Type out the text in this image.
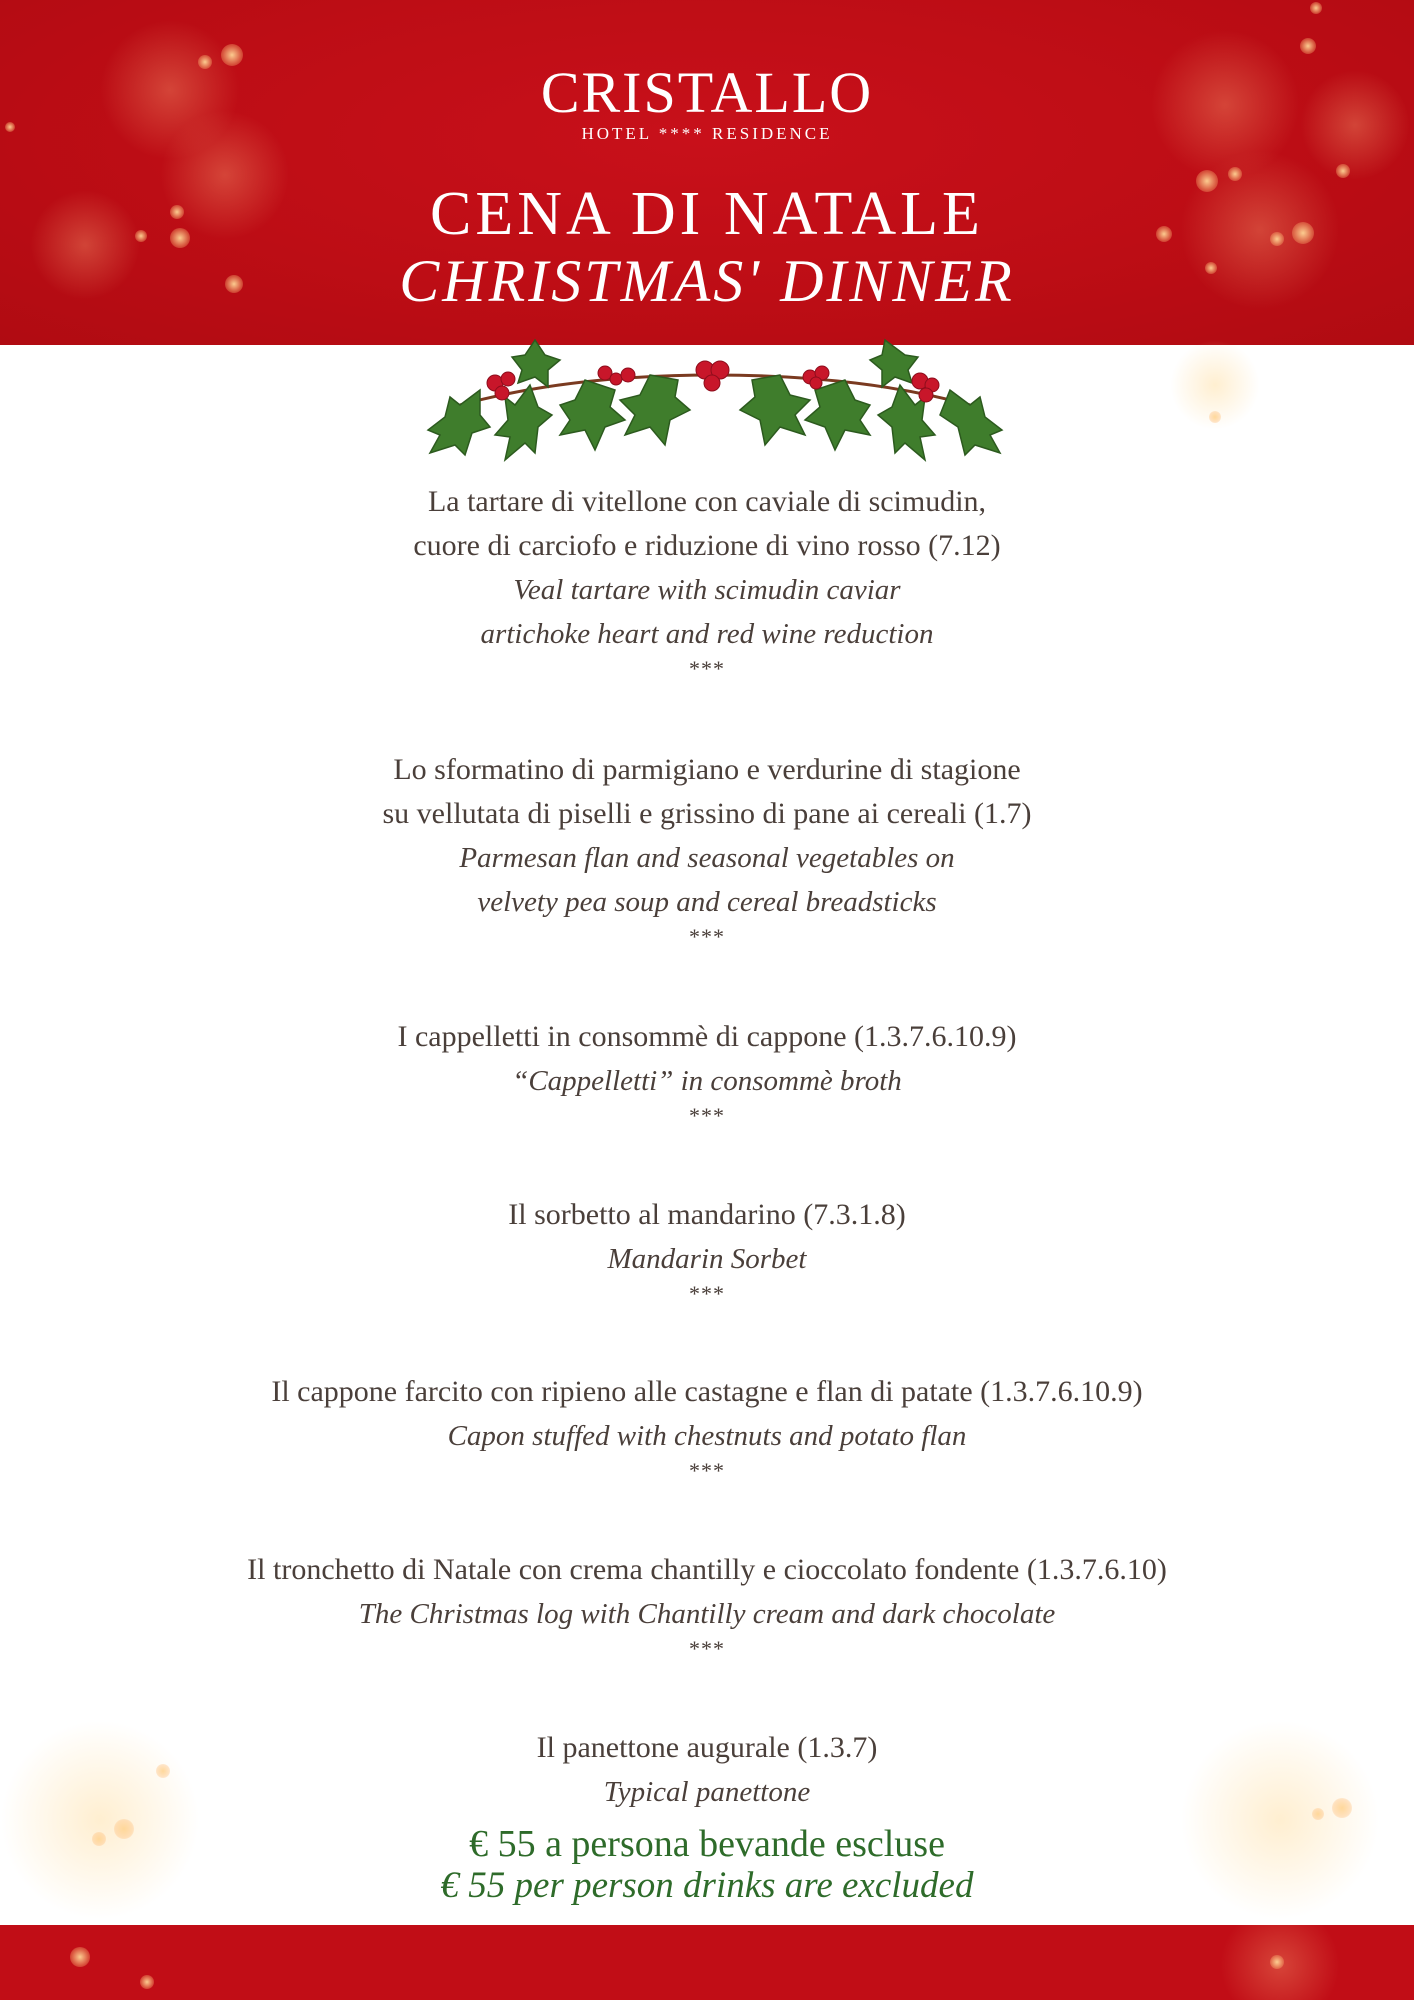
CRISTALLO
HOTEL **** RESIDENCE
CENA DI NATALE
CHRISTMAS' DINNER
La tartare di vitellone con caviale di scimudin,
cuore di carciofo e riduzione di vino rosso (7.12)
Veal tartare with scimudin caviar
artichoke heart and red wine reduction
***
Lo sformatino di parmigiano e verdurine di stagione
su vellutata di piselli e grissino di pane ai cereali (1.7)
Parmesan flan and seasonal vegetables on
velvety pea soup and cereal breadsticks
***
I cappelletti in consommè di cappone (1.3.7.6.10.9)
“Cappelletti” in consommè broth
***
Il sorbetto al mandarino (7.3.1.8)
Mandarin Sorbet
***
Il cappone farcito con ripieno alle castagne e flan di patate (1.3.7.6.10.9)
Capon stuffed with chestnuts and potato flan
***
Il tronchetto di Natale con crema chantilly e cioccolato fondente (1.3.7.6.10)
The Christmas log with Chantilly cream and dark chocolate
***
Il panettone augurale (1.3.7)
Typical panettone
€ 55 a persona bevande escluse
€ 55 per person drinks are excluded
